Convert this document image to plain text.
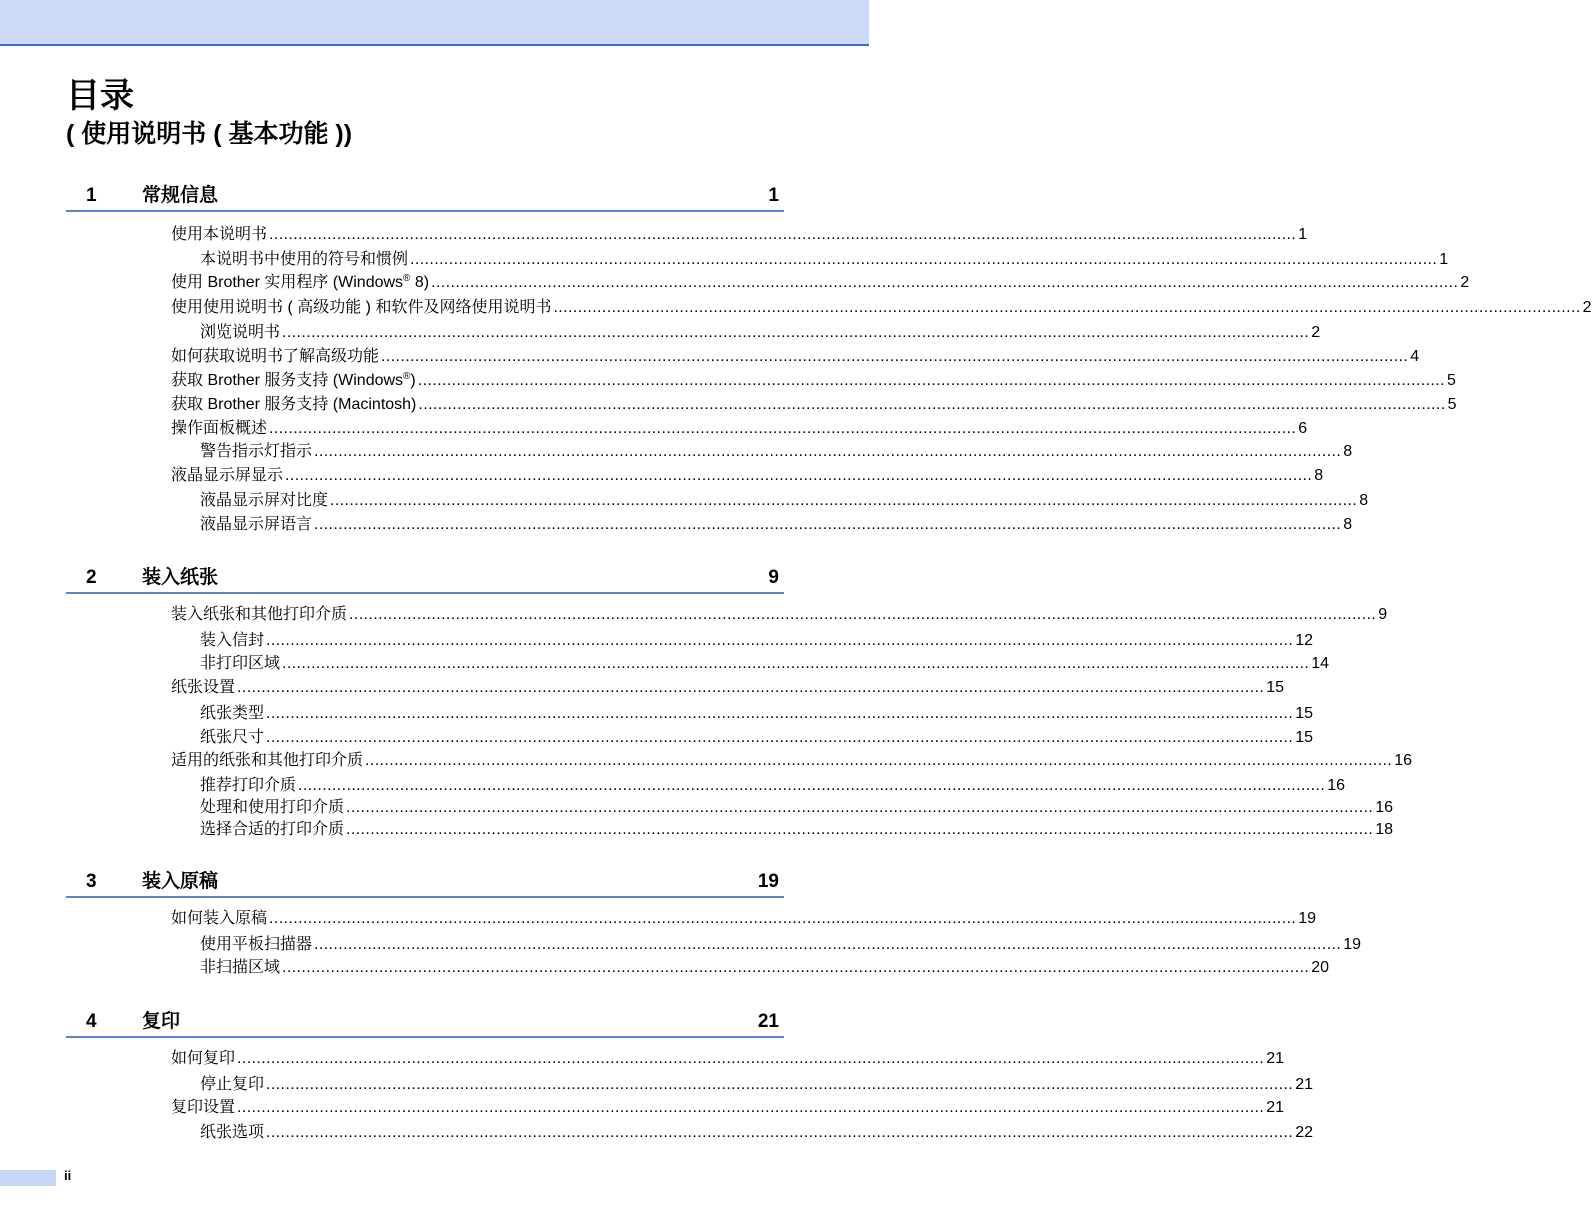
目录
( 使用说明书 ( 基本功能 ))
1 常规信息	1
使用本说明书 .................................................................................................................................................................................................................... 1
本说明书中使用的符号和惯例 .................................................................................................................................................................................................................... 1
使用 Brother 实用程序 (Windows® 8) .................................................................................................................................................................................................................... 2
使用使用说明书 ( 高级功能 ) 和软件及网络使用说明书 .................................................................................................................................................................................................................... 2
浏览说明书 .................................................................................................................................................................................................................... 2
如何获取说明书了解高级功能 .................................................................................................................................................................................................................... 4
获取 Brother 服务支持 (Windows®) .................................................................................................................................................................................................................... 5
获取 Brother 服务支持 (Macintosh) .................................................................................................................................................................................................................... 5
操作面板概述 .................................................................................................................................................................................................................... 6
警告指示灯指示 .................................................................................................................................................................................................................... 8
液晶显示屏显示 .................................................................................................................................................................................................................... 8
液晶显示屏对比度 .................................................................................................................................................................................................................... 8
液晶显示屏语言 .................................................................................................................................................................................................................... 8
2 装入纸张	9
装入纸张和其他打印介质 .................................................................................................................................................................................................................... 9
装入信封 .................................................................................................................................................................................................................... 12
非打印区域 .................................................................................................................................................................................................................... 14
纸张设置 .................................................................................................................................................................................................................... 15
纸张类型 .................................................................................................................................................................................................................... 15
纸张尺寸 .................................................................................................................................................................................................................... 15
适用的纸张和其他打印介质 .................................................................................................................................................................................................................... 16
推荐打印介质 .................................................................................................................................................................................................................... 16
处理和使用打印介质 .................................................................................................................................................................................................................... 16
选择合适的打印介质 .................................................................................................................................................................................................................... 18
3 装入原稿	19
如何装入原稿 .................................................................................................................................................................................................................... 19
使用平板扫描器 .................................................................................................................................................................................................................... 19
非扫描区域 .................................................................................................................................................................................................................... 20
4 复印	21
如何复印 .................................................................................................................................................................................................................... 21
停止复印 .................................................................................................................................................................................................................... 21
复印设置 .................................................................................................................................................................................................................... 21
纸张选项 .................................................................................................................................................................................................................... 22
ii
